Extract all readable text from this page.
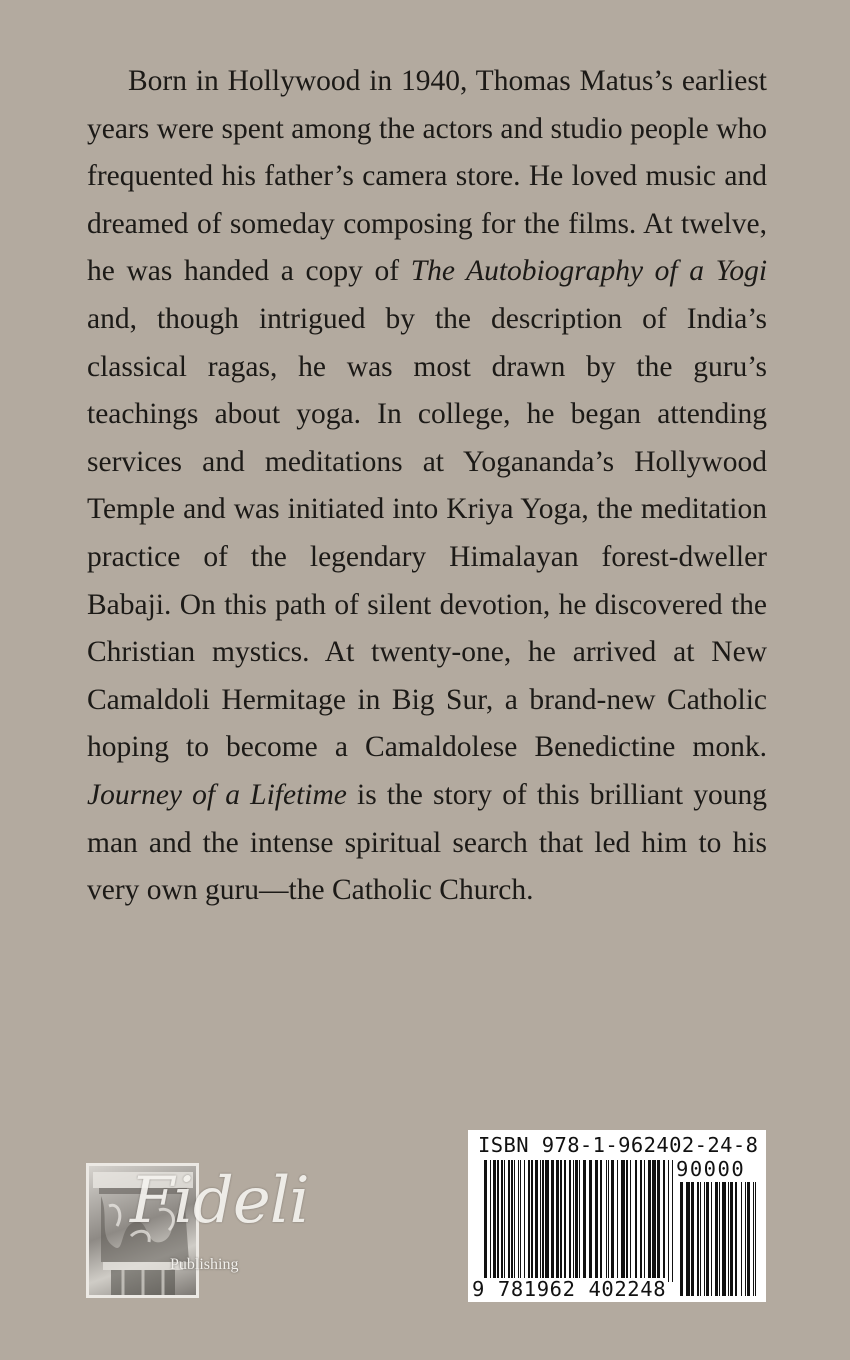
Born in Hollywood in 1940, Thomas Matus’s earliest years were spent among the actors and studio people who frequented his father’s camera store. He loved music and dreamed of someday composing for the films. At twelve, he was handed a copy of The Autobiography of a Yogi and, though intrigued by the description of India’s classical ragas, he was most drawn by the guru’s teachings about yoga. In college, he began attending services and meditations at Yogananda’s Hollywood Temple and was initiated into Kriya Yoga, the meditation practice of the legendary Himalayan forest-dweller Babaji. On this path of silent devotion, he discovered the Christian mystics. At twenty-one, he arrived at New Camaldoli Hermitage in Big Sur, a brand-new Catholic hoping to become a Camaldolese Benedictine monk. Journey of a Lifetime is the story of this brilliant young man and the intense spiritual search that led him to his very own guru—the Catholic Church.

Fideli
Publishing
ISBN 978-1-962402-24-8
90000
9 781962 402248
